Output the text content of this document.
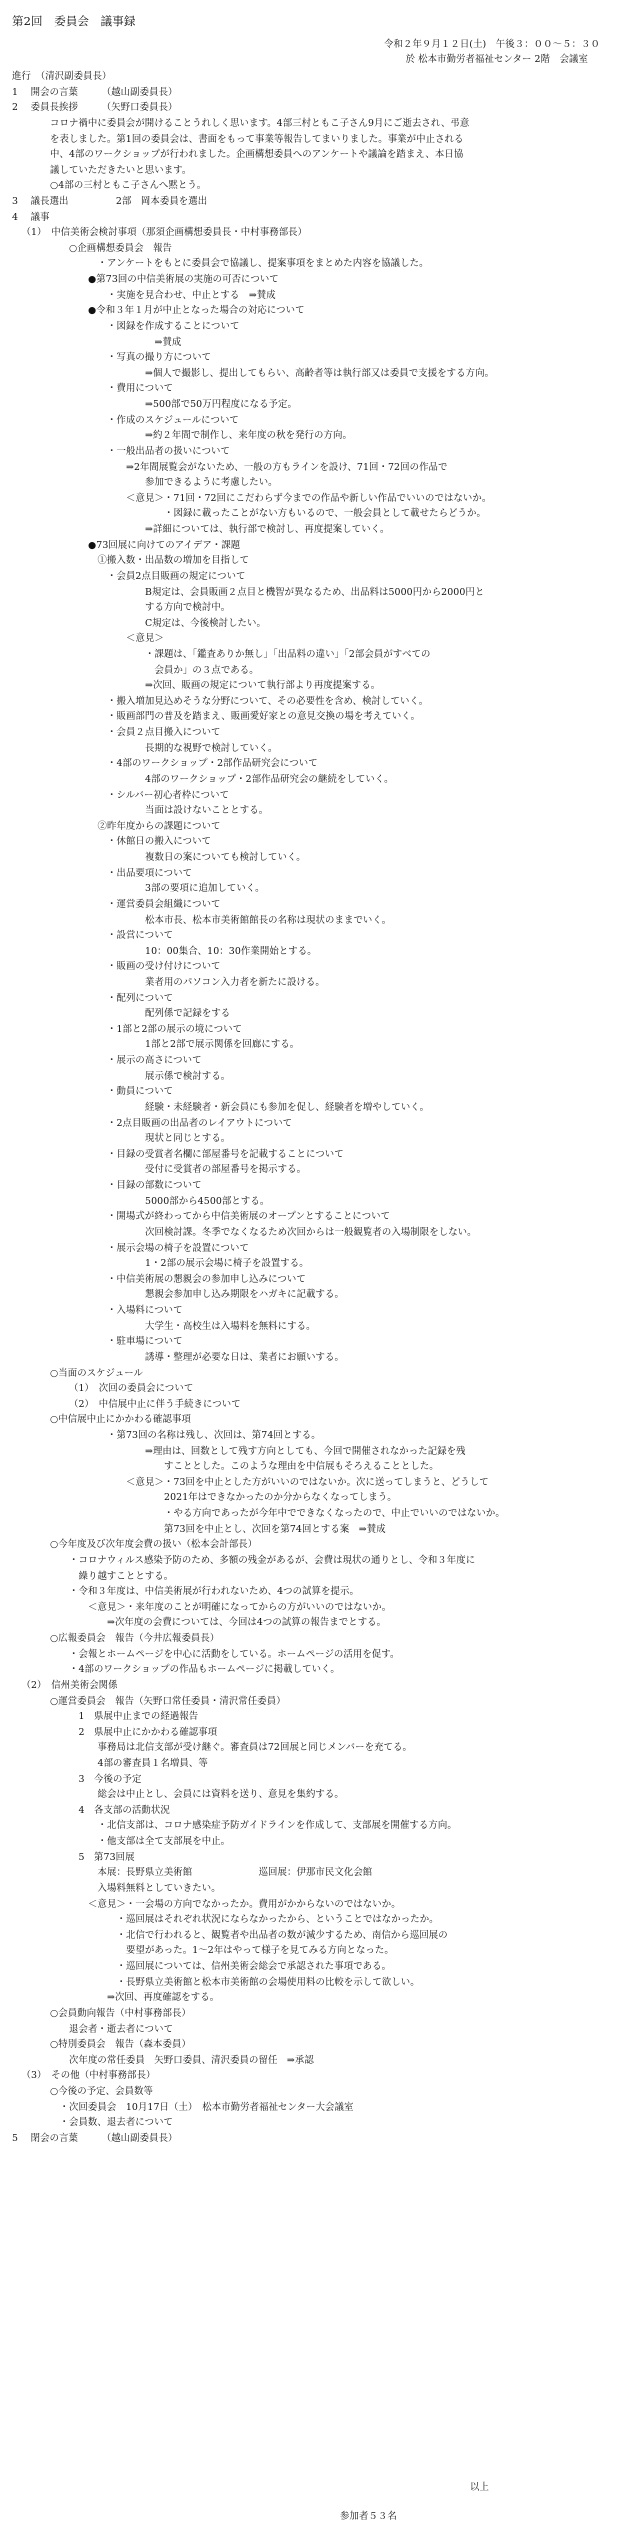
第2回　委員会　議事録
令和２年９月１２日(土)　午後３：００〜５：３０
於 松本市勤労者福祉センター 2階　会議室
進行　（清沢副委員長）
1　 開会の言葉　　　（越山副委員長）
2　 委員長挨拶　　　（矢野口委員長）
コロナ禍中に委員会が開けることうれしく思います。4部三村ともこ子さん9月にご逝去され、弔意
を表しました。第1回の委員会は、書面をもって事業等報告してまいりました。事業が中止される
中、4部のワークショップが行われました。企画構想委員へのアンケートや議論を踏まえ、本日協
議していただきたいと思います。
○4部の三村ともこ子さんへ黙とう。
3　 議長選出　　　　　2部　岡本委員を選出
4　 議事
（1）　中信美術会検討事項（那須企画構想委員長・中村事務部長）
○企画構想委員会　報告
・アンケートをもとに委員会で協議し、提案事項をまとめた内容を協議した。
●第73回の中信美術展の実施の可否について
・実施を見合わせ、中止とする　⇒賛成
●令和３年１月が中止となった場合の対応について
・図録を作成することについて
⇒賛成
・写真の撮り方について
⇒個人で撮影し、提出してもらい、高齢者等は執行部又は委員で支援をする方向。
・費用について
⇒500部で50万円程度になる予定。
・作成のスケジュールについて
⇒約２年間で制作し、来年度の秋を発行の方向。
・一般出品者の扱いについて
⇒2年間展覧会がないため、一般の方もラインを設け、71回・72回の作品で
参加できるように考慮したい。
＜意見＞・71回・72回にこだわらず今までの作品や新しい作品でいいのではないか。
・図録に載ったことがない方もいるので、一般会員として載せたらどうか。
⇒詳細については、執行部で検討し、再度提案していく。
●73回展に向けてのアイデア・課題
①搬入数・出品数の増加を目指して
・会員2点目販画の規定について
B規定は、会員販画２点目と機智が異なるため、出品料は5000円から2000円と
する方向で検討中。
C規定は、今後検討したい。
＜意見＞
・課題は、「鑑査ありか無し」「出品料の違い」「2部会員がすべての
会員か」の３点である。
⇒次回、販画の規定について執行部より再度提案する。
・搬入増加見込めそうな分野について、その必要性を含め、検討していく。
・販画部門の普及を踏まえ、販画愛好家との意見交換の場を考えていく。
・会員２点目搬入について
長期的な視野で検討していく。
・4部のワークショップ・2部作品研究会について
4部のワークショップ・2部作品研究会の継続をしていく。
・シルバー初心者枠について
当面は設けないこととする。
②昨年度からの課題について
・休館日の搬入について
複数日の案についても検討していく。
・出品要項について
3部の要項に追加していく。
・運営委員会組織について
松本市長、松本市美術館館長の名称は現状のままでいく。
・設営について
10：00集合、10：30作業開始とする。
・販画の受け付けについて
業者用のパソコン入力者を新たに設ける。
・配列について
配列係で記録をする
・1部と2部の展示の境について
1部と2部で展示関係を回廊にする。
・展示の高さについて
展示係で検討する。
・動員について
経験・未経験者・新会員にも参加を促し、経験者を増やしていく。
・2点目販画の出品者のレイアウトについて
現状と同じとする。
・目録の受賞者名欄に部屋番号を記載することについて
受付に受賞者の部屋番号を掲示する。
・目録の部数について
5000部から4500部とする。
・開場式が終わってから中信美術展のオープンとすることについて
次回検討課。冬季でなくなるため次回からは一般観覧者の入場制限をしない。
・展示会場の椅子を設置について
1・2部の展示会場に椅子を設置する。
・中信美術展の懇親会の参加申し込みについて
懇親会参加申し込み期限をハガキに記載する。
・入場料について
大学生・高校生は入場料を無料にする。
・駐車場について
誘導・整理が必要な日は、業者にお願いする。
○当面のスケジュール
（1）　次回の委員会について
（2）　中信展中止に伴う手続きについて
○中信展中止にかかわる確認事項
・第73回の名称は残し、次回は、第74回とする。
⇒理由は、回数として残す方向としても、今回で開催されなかった記録を残
すこととした。このような理由を中信展もそろえることとした。
＜意見＞・73回を中止とした方がいいのではないか。次に送ってしまうと、どうして
2021年はできなかったのか分からなくなってしまう。
・やる方向であったが今年中でできなくなったので、中止でいいのではないか。
第73回を中止とし、次回を第74回とする案　⇒賛成
○今年度及び次年度会費の扱い（松本会計部長）
・コロナウィルス感染予防のため、多額の残金があるが、会費は現状の通りとし、令和３年度に
繰り越すこととする。
・令和３年度は、中信美術展が行われないため、4つの試算を提示。
＜意見＞・来年度のことが明確になってからの方がいいのではないか。
⇒次年度の会費については、今回は4つの試算の報告までとする。
○広報委員会　報告（今井広報委員長）
・会報とホームページを中心に活動をしている。ホームページの活用を促す。
・4部のワークショップの作品もホームページに掲載していく。
（2）　信州美術会関係
○運営委員会　報告（矢野口常任委員・清沢常任委員）
1　県展中止までの経過報告
2　県展中止にかかわる確認事項
事務局は北信支部が受け継ぐ。審査員は72回展と同じメンバーを充てる。
4部の審査員１名増員、等
3　今後の予定
総会は中止とし、会員には資料を送り、意見を集約する。
4　各支部の活動状況
・北信支部は、コロナ感染症予防ガイドラインを作成して、支部展を開催する方向。
・他支部は全て支部展を中止。
5　第73回展
本展：長野県立美術館　　　　　　　巡回展：伊那市民文化会館
入場料無料としていきたい。
＜意見＞・一会場の方向でなかったか。費用がかからないのではないか。
・巡回展はそれぞれ状況にならなかったから、ということではなかったか。
・北信で行われると、観覧者や出品者の数が減少するため、南信から巡回展の
要望があった。1〜2年はやって様子を見てみる方向となった。
・巡回展については、信州美術会総会で承認された事項である。
・長野県立美術館と松本市美術館の会場使用料の比較を示して欲しい。
⇒次回、再度確認をする。
○会員動向報告（中村事務部長）
退会者・逝去者について
○特別委員会　報告（森本委員）
次年度の常任委員　矢野口委員、清沢委員の留任　⇒承認
（3）　その他（中村事務部長）
○今後の予定、会員数等
・次回委員会　10月17日（土）　松本市勤労者福祉センター大会議室
・会員数、退去者について
5　 閉会の言葉　　　（越山副委員長）
以上
参加者５３名
